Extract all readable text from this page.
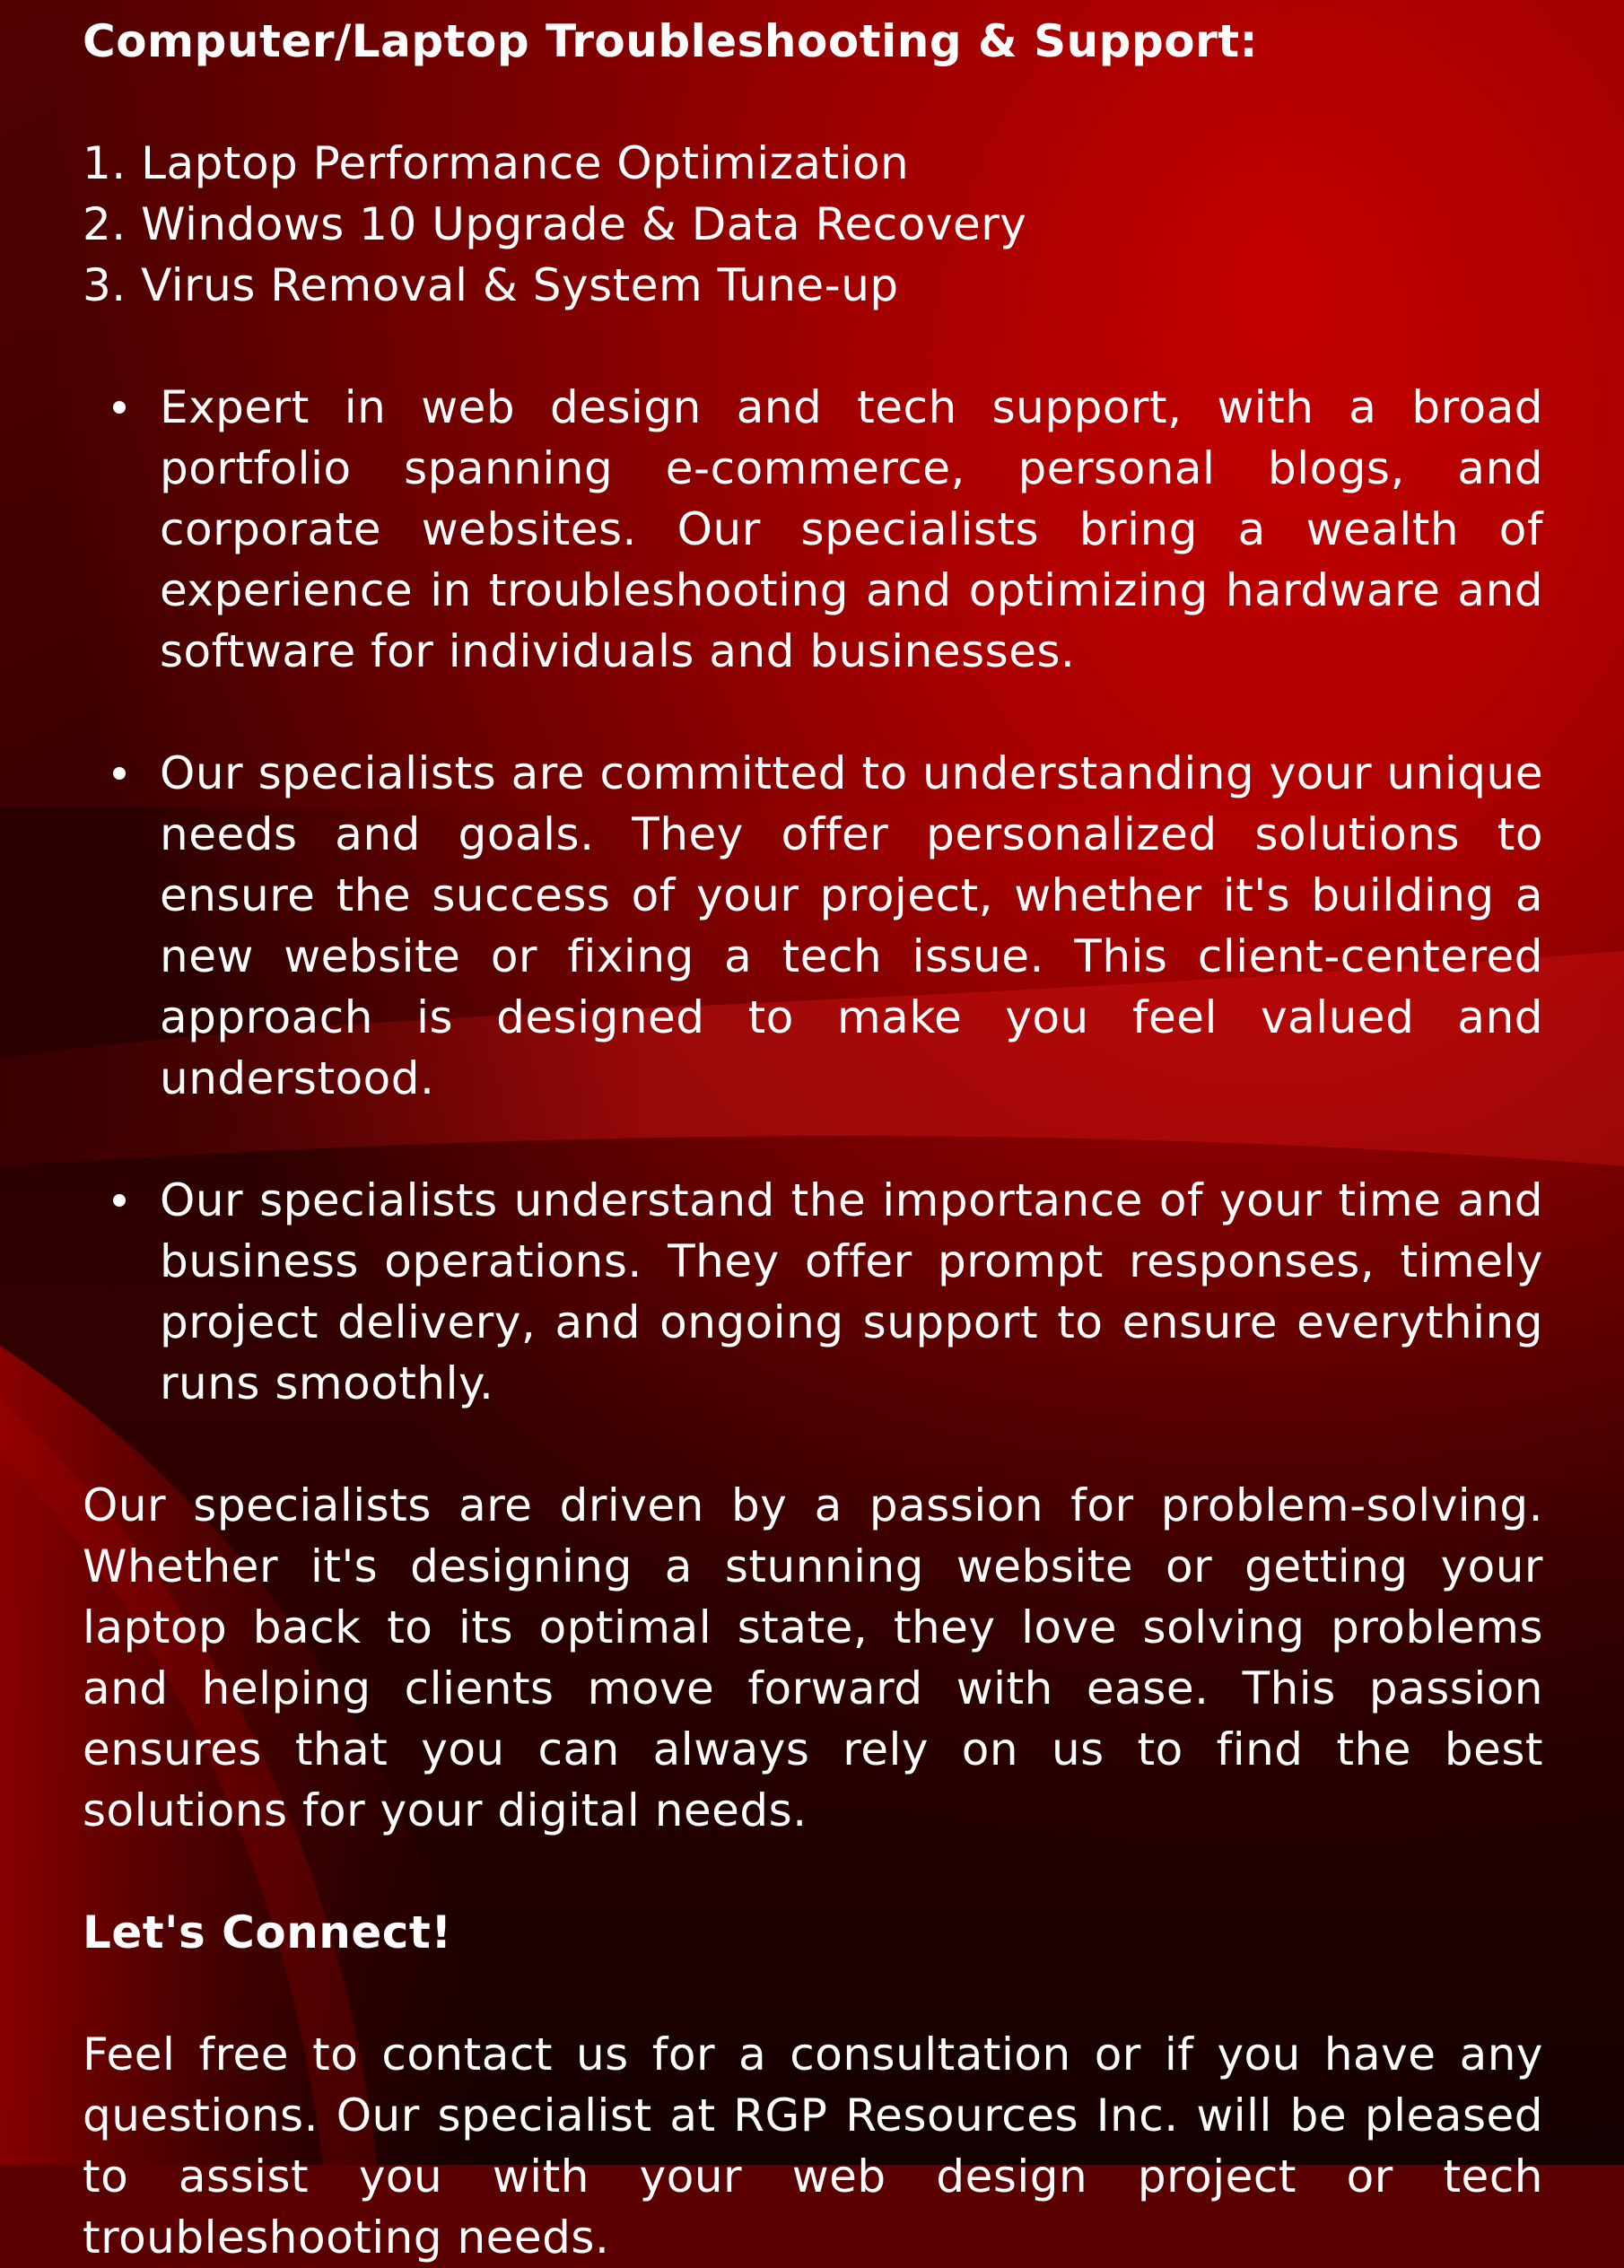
Computer/Laptop Troubleshooting & Support:
1. Laptop Performance Optimization
2. Windows 10 Upgrade & Data Recovery
3. Virus Removal & System Tune-up
Expert in web design and tech support, with a broad portfolio spanning e-commerce, personal blogs, and corporate websites. Our specialists bring a wealth of experience in troubleshooting and optimizing hardware and software for individuals and businesses.
Our specialists are committed to understanding your unique needs and goals. They offer personalized solutions to ensure the success of your project, whether it's building a new website or fixing a tech issue. This client-centered approach is designed to make you feel valued and understood.
Our specialists understand the importance of your time and business operations. They offer prompt responses, timely project delivery, and ongoing support to ensure everything runs smoothly.

Our specialists are driven by a passion for problem-solving. Whether it's designing a stunning website or getting your laptop back to its optimal state, they love solving problems and helping clients move forward with ease. This passion ensures that you can always rely on us to find the best solutions for your digital needs.

Let's Connect!

Feel free to contact us for a consultation or if you have any questions. Our specialist at RGP Resources Inc. will be pleased to assist you with your web design project or tech troubleshooting needs.
